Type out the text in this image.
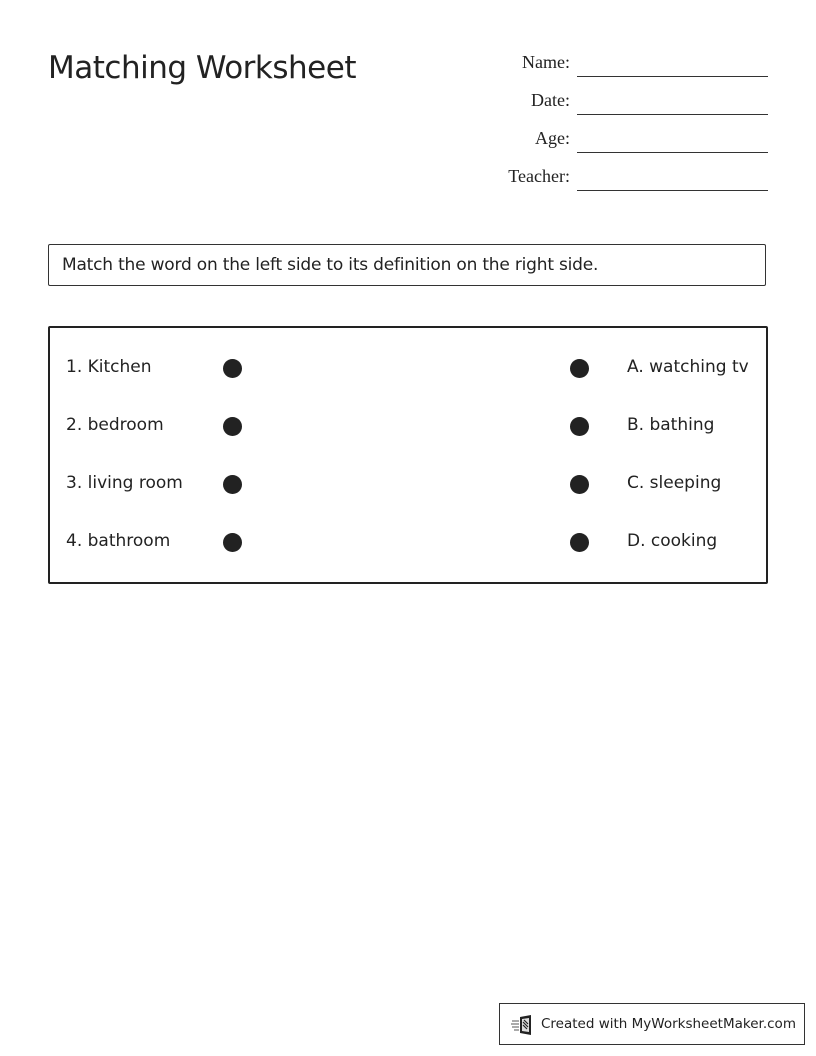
Matching Worksheet	Name:
Date:
Age:
Teacher:
Match the word on the left side to its definition on the right side.
1. Kitchen	A. watching tv
2. bedroom	B. bathing
3. living room	C. sleeping
4. bathroom	D. cooking
Created with MyWorksheetMaker.com
